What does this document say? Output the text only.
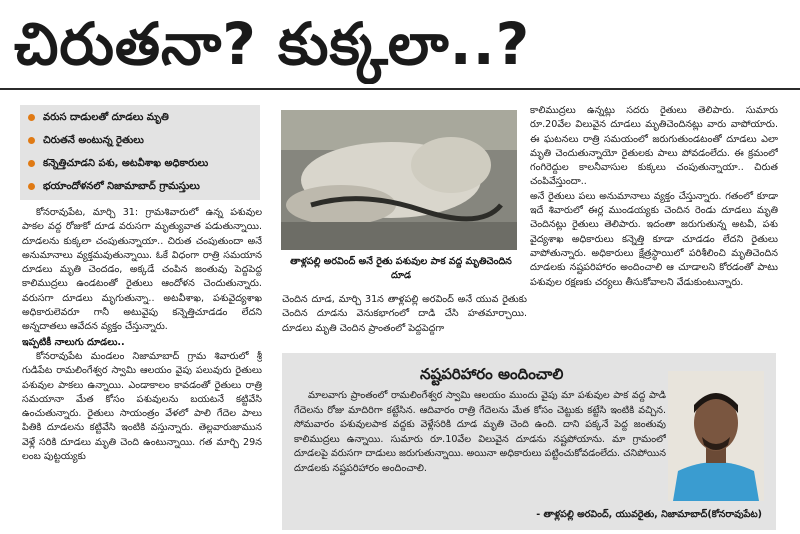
చిరుతనా? కుక్కలా..?
వరుస దాడులతో దూడలు మృతి
చిరుతనే అంటున్న రైతులు
కన్నెత్తిచూడని పశు, అటవీశాఖ అధికారులు
భయాందోళనలో నిజామాబాద్ గ్రామస్తులు

కోనరావుపేట, మార్చి 31: గ్రామశివారులో ఉన్న పశువుల పాకల వద్ద రోజుకో దూడ వరుసగా మృత్యువాత పడుతున్నాయి. దూడలను కుక్కలా చంపుతున్నాయా.. చిరుత చంపుతుందా అనే అనుమానాలు వ్యక్తమవుతున్నాయి. ఓకే విధంగా రాత్రి సమయాన దూడలు మృతి చెందడం, అక్కడే చంపిన జంతువు పెద్దపెద్ద కాలిముద్రలు ఉండటంతో రైతులు ఆందోళన చెందుతున్నారు. వరుసగా దూడలు మృగుతున్నా.. అటవీశాఖ, పశువైద్యశాఖ అధికారులెవరూ గానీ అటువైపు కన్నెత్తిచూడడం లేదని అన్నదాతలు ఆవేదన వ్యక్తం చేస్తున్నారు.

ఇప్పటికీ నాలుగు దూడలు..

కోనరావుపేట మండలం నిజామాబాద్ గ్రామ శివారులో శ్రీ గుడిపేట రామలింగేశ్వర స్వామి ఆలయం వైపు పలువురు రైతులు పశువుల పాకలు ఉన్నాయి. ఎండాకాలం కావడంతో రైతులు రాత్రి సమయానా మేత కోసం పశువులను బయటనే కట్టివేసి ఉంచుతున్నారు. రైతులు సాయంత్రం వేళలో పాలి గేదెల పాలు పితికి దూడలను కట్టివేసి ఇంటికి వస్తున్నారు. తెల్లవారుజామున వెళ్లే సరికి దూడలు మృతి చెంది ఉంటున్నాయి. గత మార్చి 29న లంబ పుట్టయ్యకు

తాళ్లపల్లి అరవింద్ అనే రైతు పశువుల పాక వద్ద మృతిచెందిన దూడ

చెందిన దూడ, మార్చి 31న తాళ్లపల్లి అరవింద్ అనే యువ రైతుకు చెందిన దూడను వెనుకభాగంలో దాడి చేసి హతమార్చాయి. దూడలు మృతి చెందిన ప్రాంతంలో పెద్దపెద్దగా

కాలిముద్రలు ఉన్నట్లు సదరు రైతులు తెలిపారు. సుమారు రూ.20వేల విలువైన దూడలు మృతిచెందినట్లు వారు వాపోయారు. ఈ ఘటనలు రాత్రి సమయంలో జరుగుతుండటంతో దూడలు ఎలా మృతి చెందుతున్నాయో రైతులకు పాలు పోవడంలేదు. ఈ క్రమంలో గంగిరెద్దుల కాలనీవాసుల కుక్కలు చంపుతున్నాయా.. చిరుత చంపివేస్తుందా..

అనే రైతులు పలు అనుమానాలు వ్యక్తం చేస్తున్నారు. గతంలో కూడా ఇదే శివారులో ఈర్ల ముండయ్యకు చెందిన రెండు దూడలు మృతి చెందినట్లు రైతులు తెలిపారు. ఇదంతా జరుగుతున్న అటవీ, పశు వైద్యశాఖ అధికారులు కన్నెత్తి కూడా చూడడం లేదని రైతులు వాపోతున్నారు. అధికారులు క్షేత్రస్థాయిలో పరిశీలించి మృతిచెందిన దూడలకు నష్టపరిహారం అందించాలి ఆ చూడాలని కోరడంతో పాటు పశువుల రక్షణకు చర్యలు తీసుకోవాలని వేడుకుంటున్నారు.

నష్టపరిహారం అందించాలి
మాలవాగు ప్రాంతంలో రామలింగేశ్వర స్వామి ఆలయం ముందు వైపు మా పశువుల పాక వద్ద పాడి గేదెలను రోజు మాదిరిగా కట్టేసిన. ఆదివారం రాత్రి గేదెలను మేత కోసం చెట్టుకు కట్టేసి ఇంటికి వచ్చిన. సోమవారం పశువులపాక వద్దకు వెళ్లేసరికి దూడ మృతి చెంది ఉంది. దాని పక్కనే పెద్ద జంతువు కాలిముద్రలు ఉన్నాయి. సుమారు రూ.10వేల విలువైన దూడను నష్టపోయాను. మా గ్రామంలో దూడలపై వరుసగా దాడులు జరుగుతున్నాయి. అయినా అధికారులు పట్టించుకోవడంలేదు. చనిపోయిన దూడలకు నష్టపరిహారం అందించాలి.
- తాళ్లపల్లి అరవింద్, యువరైతు, నిజామాబాద్(కోనరావుపేట)
